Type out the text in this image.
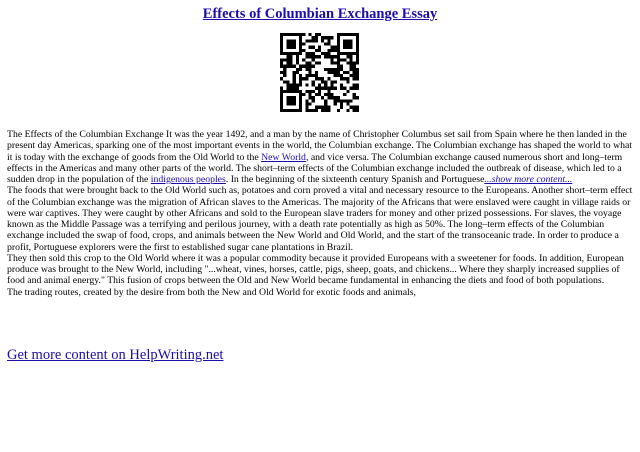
Effects of Columbian Exchange Essay

The Effects of the Columbian Exchange It was the year 1492, and a man by the name of Christopher Columbus set sail from Spain where he then landed in the present day Americas, sparking one of the most important events in the world, the Columbian exchange. The Columbian exchange has shaped the world to what it is today with the exchange of goods from the Old World to the New World, and vice versa. The Columbian exchange caused numerous short and long–term effects in the Americas and many other parts of the world. The short–term effects of the Columbian exchange included the outbreak of disease, which led to a sudden drop in the population of the indigenous peoples. In the beginning of the sixteenth century Spanish and Portuguese...show more content...

The foods that were brought back to the Old World such as, potatoes and corn proved a vital and necessary resource to the Europeans. Another short–term effect of the Columbian exchange was the migration of African slaves to the Americas. The majority of the Africans that were enslaved were caught in village raids or were war captives. They were caught by other Africans and sold to the European slave traders for money and other prized possessions. For slaves, the voyage known as the Middle Passage was a terrifying and perilous journey, with a death rate potentially as high as 50%. The long–term effects of the Columbian exchange included the swap of food, crops, and animals between the New World and Old World, and the start of the transoceanic trade. In order to produce a profit, Portuguese explorers were the first to established sugar cane plantations in Brazil.

They then sold this crop to the Old World where it was a popular commodity because it provided Europeans with a sweetener for foods. In addition, European produce was brought to the New World, including "...wheat, vines, horses, cattle, pigs, sheep, goats, and chickens... Where they sharply increased supplies of food and animal energy." This fusion of crops between the Old and New World became fundamental in enhancing the diets and food of both populations.

The trading routes, created by the desire from both the New and Old World for exotic foods and animals,

Get more content on HelpWriting.net
